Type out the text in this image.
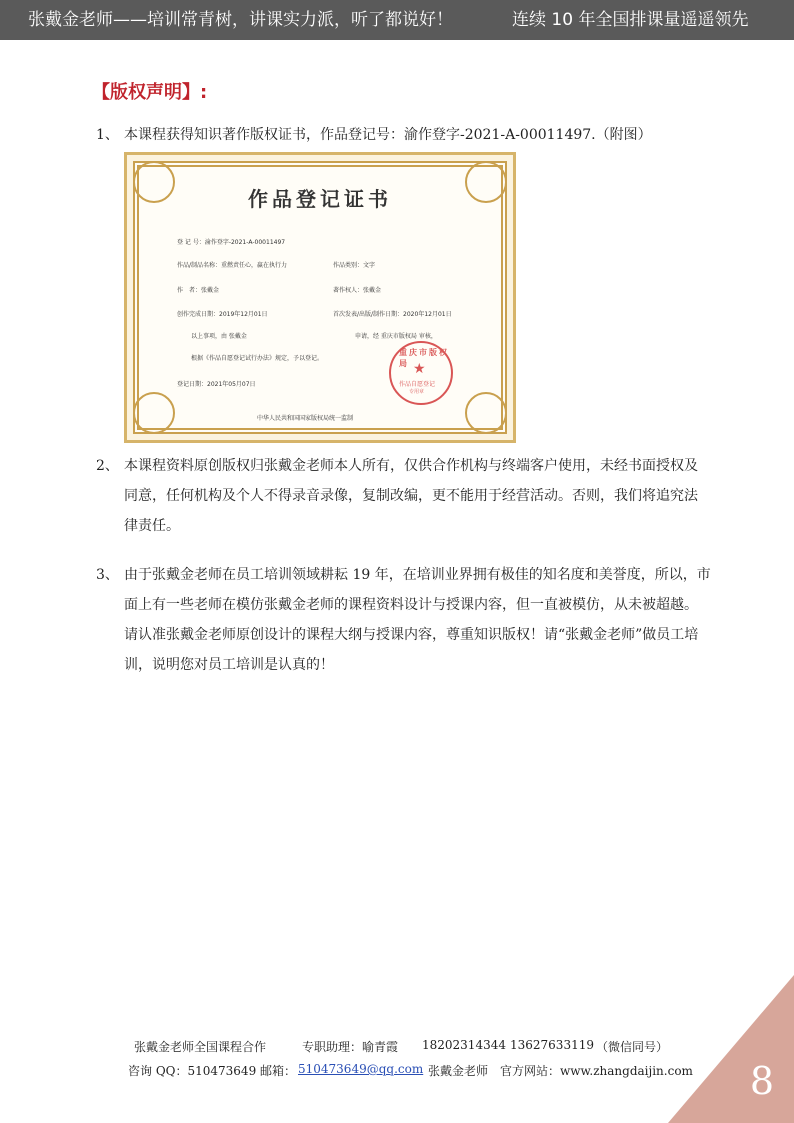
张戴金老师——培训常青树，讲课实力派，听了都说好！	连续 10 年全国排课量遥遥领先
【版权声明】:
1、 本课程获得知识著作版权证书，作品登记号：渝作登字-2021-A-00011497.（附图）
作品登记证书
登 记 号：渝作登字-2021-A-00011497
作品/制品名称：重燃责任心，赢在执行力	作品类别：文字
作　者：张戴金	著作权人：张戴金
创作完成日期：2019年12月01日	首次发表/出版/制作日期：2020年12月01日
以上事项，由 张戴金	申请，经 重庆市版权局 审核，
根据《作品自愿登记试行办法》规定，予以登记。
登记日期：2021年05月07日
中华人民共和国国家版权局统一监制
重庆市版权局 ★
作品自愿登记
专用章
2、 本课程资料原创版权归张戴金老师本人所有，仅供合作机构与终端客户使用，未经书面授权及同意，任何机构及个人不得录音录像，复制改编，更不能用于经营活动。否则，我们将追究法律责任。
3、 由于张戴金老师在员工培训领域耕耘 19 年，在培训业界拥有极佳的知名度和美誉度，所以，市面上有一些老师在模仿张戴金老师的课程资料设计与授课内容，但一直被模仿，从未被超越。请认准张戴金老师原创设计的课程大纲与授课内容，尊重知识版权！请“张戴金老师”做员工培训，说明您对员工培训是认真的！
张戴金老师全国课程合作	专职助理：喻青霞 18202314344 13627633119 （微信同号）
咨询 QQ：510473649 邮箱： 510473649@qq.com 张戴金老师 官方网站：www.zhangdaijin.com 8
